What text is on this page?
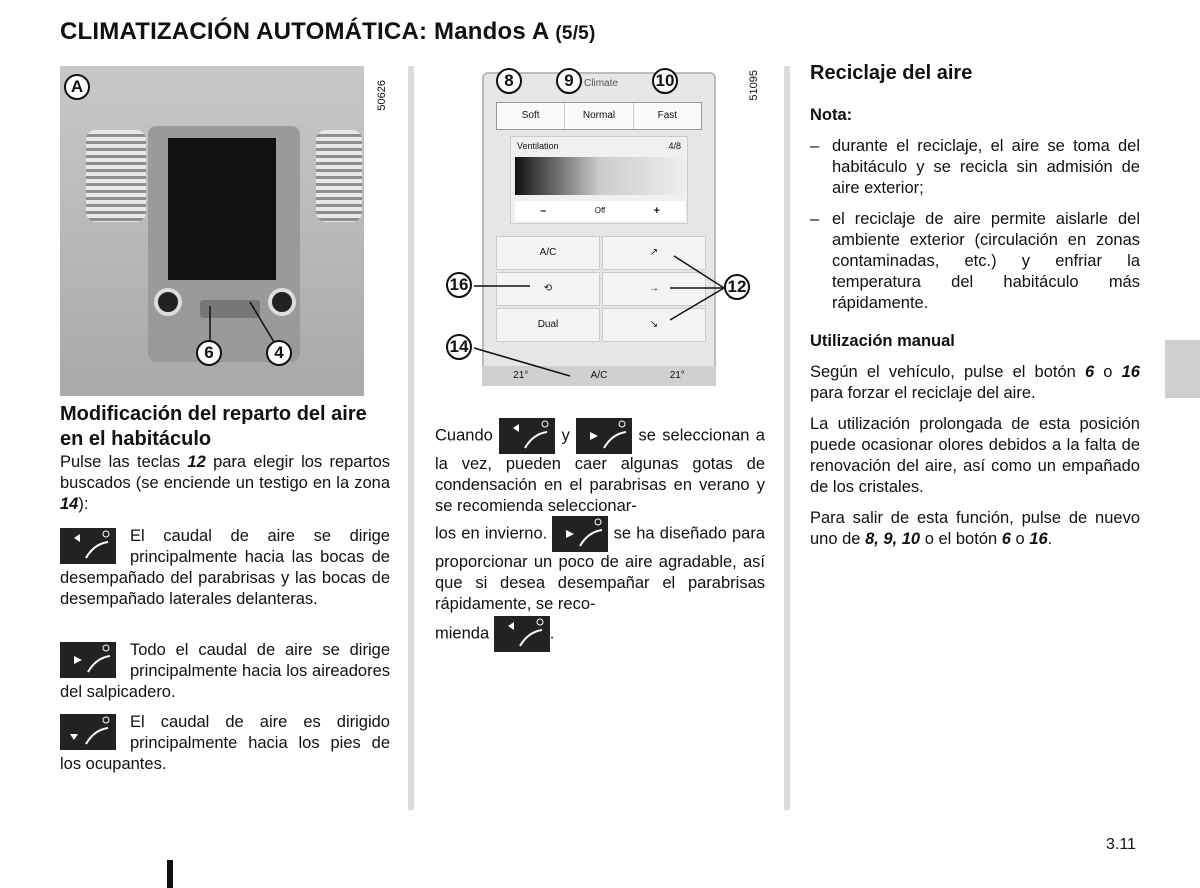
CLIMATIZACIÓN AUTOMÁTICA: Mandos A (5/5)
6	4
50626
A	51095
Climate
Soft	Normal	Fast
Ventilation	4/8
–	Off	+
A/C	↗
⟲	→
Dual	↘
21°	A/C	21°
8	9	10
16	12
14
Modificación del reparto del aire en el habitáculo
Pulse las teclas 12 para elegir los repartos buscados (se enciende un testigo en la zona 14):
El caudal de aire se dirige principalmente hacia las bocas de desempañado del parabrisas y las bocas de desempañado laterales delanteras.
Todo el caudal de aire se dirige principalmente hacia los aireadores del salpicadero.
El caudal de aire es dirigido principalmente hacia los pies de los ocupantes.
Cuando	y	se seleccionan a la vez, pueden caer algunas gotas de condensación en el parabrisas en verano y se recomienda seleccionar-
los en invierno.	se ha diseñado para proporcionar un poco de aire agradable, así que si desea desempañar el parabrisas rápidamente, se reco-
mienda	.
Reciclaje del aire
Nota:
– durante el reciclaje, el aire se toma del habitáculo y se recicla sin admisión de aire exterior;
– el reciclaje de aire permite aislarle del ambiente exterior (circulación en zonas contaminadas, etc.) y enfriar la temperatura del habitáculo más rápidamente.
Utilización manual
Según el vehículo, pulse el botón 6 o 16 para forzar el reciclaje del aire.
La utilización prolongada de esta posición puede ocasionar olores debidos a la falta de renovación del aire, así como un empañado de los cristales.
Para salir de esta función, pulse de nuevo uno de 8, 9, 10 o el botón 6 o 16.
3.11
